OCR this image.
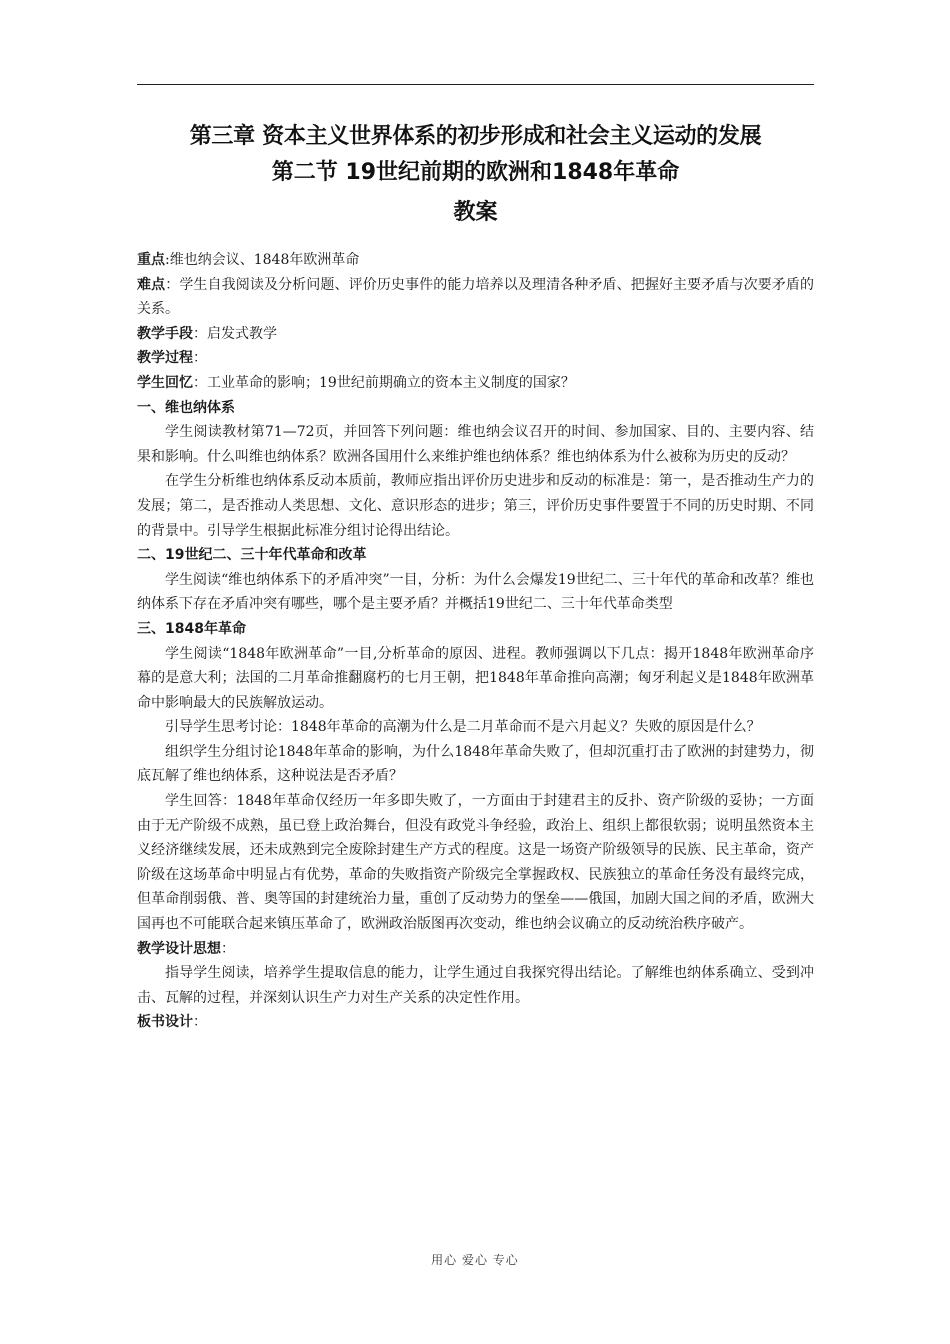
第三章 资本主义世界体系的初步形成和社会主义运动的发展
第二节 19世纪前期的欧洲和1848年革命
教案

重点:维也纳会议、1848年欧洲革命

难点：学生自我阅读及分析问题、评价历史事件的能力培养以及理清各种矛盾、把握好主要矛盾与次要矛盾的关系。

教学手段：启发式教学

教学过程：

学生回忆：工业革命的影响；19世纪前期确立的资本主义制度的国家？

一、维也纳体系

学生阅读教材第71—72页，并回答下列问题：维也纳会议召开的时间、参加国家、目的、主要内容、结果和影响。什么叫维也纳体系？欧洲各国用什么来维护维也纳体系？维也纳体系为什么被称为历史的反动？

在学生分析维也纳体系反动本质前，教师应指出评价历史进步和反动的标准是：第一，是否推动生产力的发展；第二，是否推动人类思想、文化、意识形态的进步；第三，评价历史事件要置于不同的历史时期、不同的背景中。引导学生根据此标准分组讨论得出结论。

二、19世纪二、三十年代革命和改革

学生阅读“维也纳体系下的矛盾冲突”一目，分析：为什么会爆发19世纪二、三十年代的革命和改革？维也纳体系下存在矛盾冲突有哪些，哪个是主要矛盾？并概括19世纪二、三十年代革命类型

三、1848年革命

学生阅读“1848年欧洲革命”一目,分析革命的原因、进程。教师强调以下几点：揭开1848年欧洲革命序幕的是意大利；法国的二月革命推翻腐朽的七月王朝，把1848年革命推向高潮；匈牙利起义是1848年欧洲革命中影响最大的民族解放运动。

引导学生思考讨论：1848年革命的高潮为什么是二月革命而不是六月起义？失败的原因是什么？

组织学生分组讨论1848年革命的影响，为什么1848年革命失败了，但却沉重打击了欧洲的封建势力，彻底瓦解了维也纳体系，这种说法是否矛盾？

学生回答：1848年革命仅经历一年多即失败了，一方面由于封建君主的反扑、资产阶级的妥协；一方面由于无产阶级不成熟，虽已登上政治舞台，但没有政党斗争经验，政治上、组织上都很软弱；说明虽然资本主义经济继续发展，还未成熟到完全废除封建生产方式的程度。这是一场资产阶级领导的民族、民主革命，资产阶级在这场革命中明显占有优势，革命的失败指资产阶级完全掌握政权、民族独立的革命任务没有最终完成，但革命削弱俄、普、奥等国的封建统治力量，重创了反动势力的堡垒——俄国，加剧大国之间的矛盾，欧洲大国再也不可能联合起来镇压革命了，欧洲政治版图再次变动，维也纳会议确立的反动统治秩序破产。

教学设计思想：

指导学生阅读，培养学生提取信息的能力，让学生通过自我探究得出结论。了解维也纳体系确立、受到冲击、瓦解的过程，并深刻认识生产力对生产关系的决定性作用。

板书设计：

用心 爱心 专心
